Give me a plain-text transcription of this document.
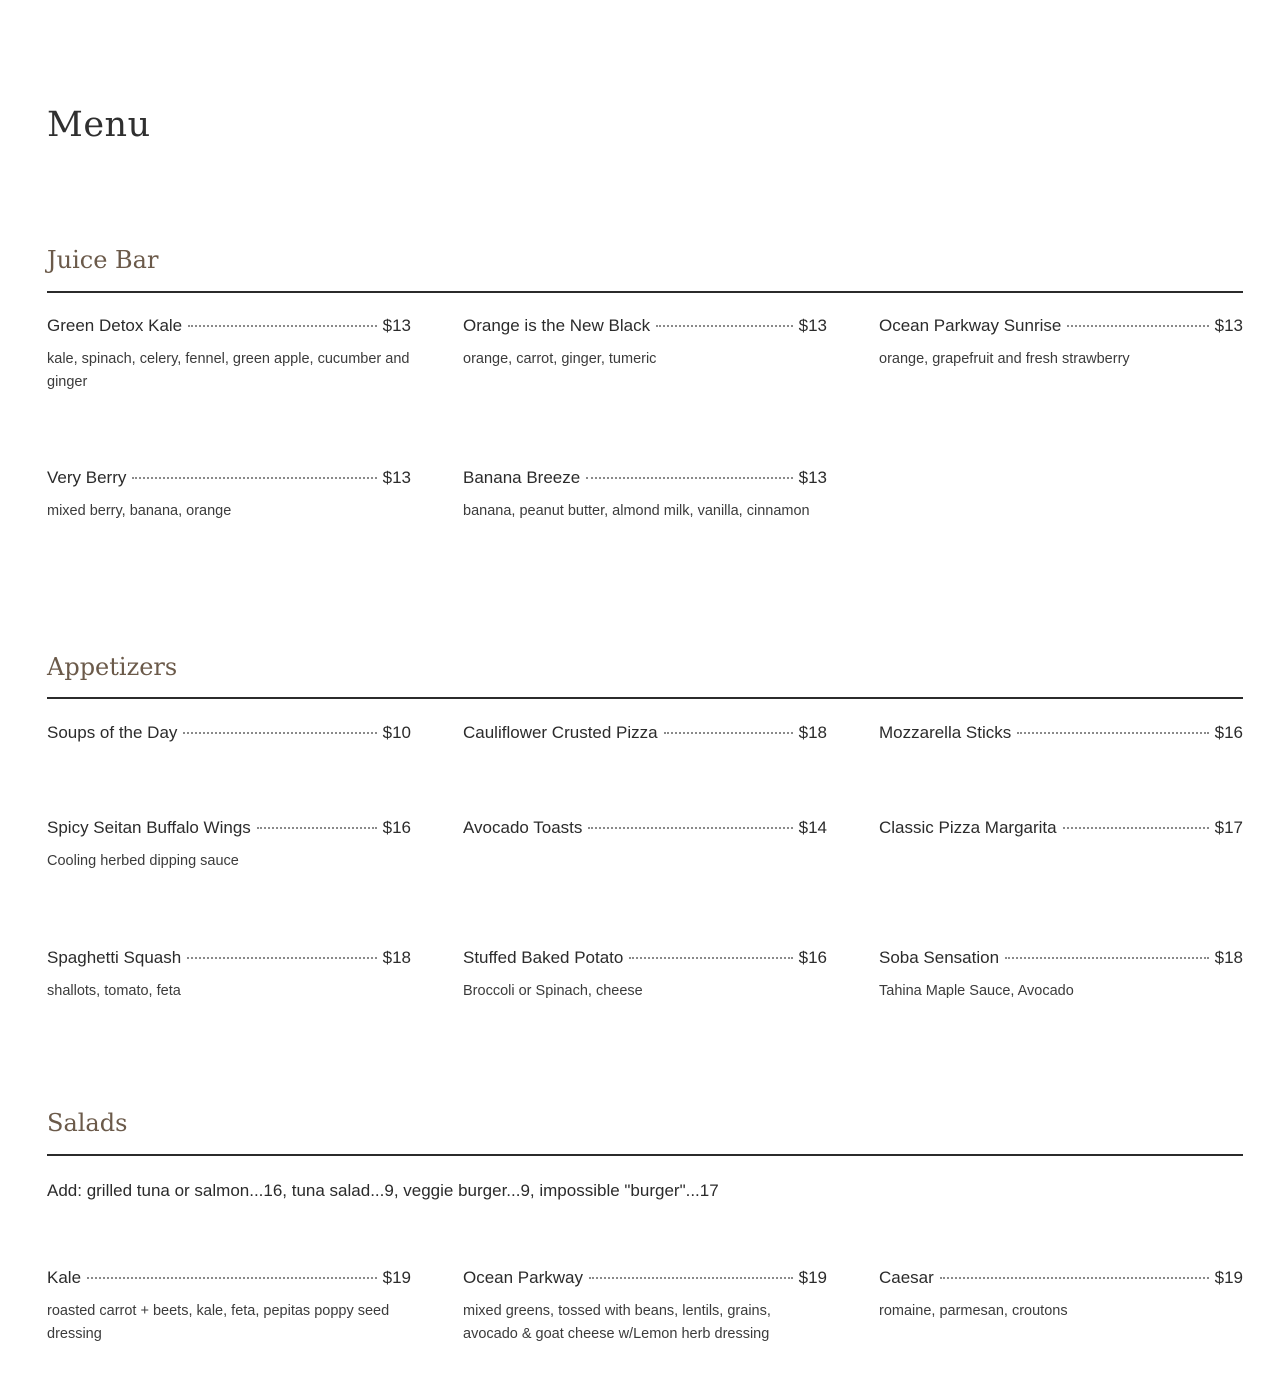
Menu
Juice Bar
Green Detox Kale	$13
kale, spinach, celery, fennel, green apple, cucumber and ginger
Orange is the New Black	$13
orange, carrot, ginger, tumeric
Ocean Parkway Sunrise	$13
orange, grapefruit and fresh strawberry
Very Berry	$13
mixed berry, banana, orange
Banana Breeze	$13
banana, peanut butter, almond milk, vanilla, cinnamon
Appetizers
Soups of the Day	$10	Cauliflower Crusted Pizza	$18	Mozzarella Sticks	$16
Spicy Seitan Buffalo Wings	$16
Cooling herbed dipping sauce
Avocado Toasts	$14	Classic Pizza Margarita	$17
Spaghetti Squash	$18
shallots, tomato, feta
Stuffed Baked Potato	$16
Broccoli or Spinach, cheese
Soba Sensation	$18
Tahina Maple Sauce, Avocado
Salads
Add: grilled tuna or salmon...16, tuna salad...9, veggie burger...9, impossible "burger"...17
Kale	$19
roasted carrot + beets, kale, feta, pepitas poppy seed dressing
Ocean Parkway	$19
mixed greens, tossed with beans, lentils, grains, avocado & goat cheese w/Lemon herb dressing
Caesar	$19
romaine, parmesan, croutons
